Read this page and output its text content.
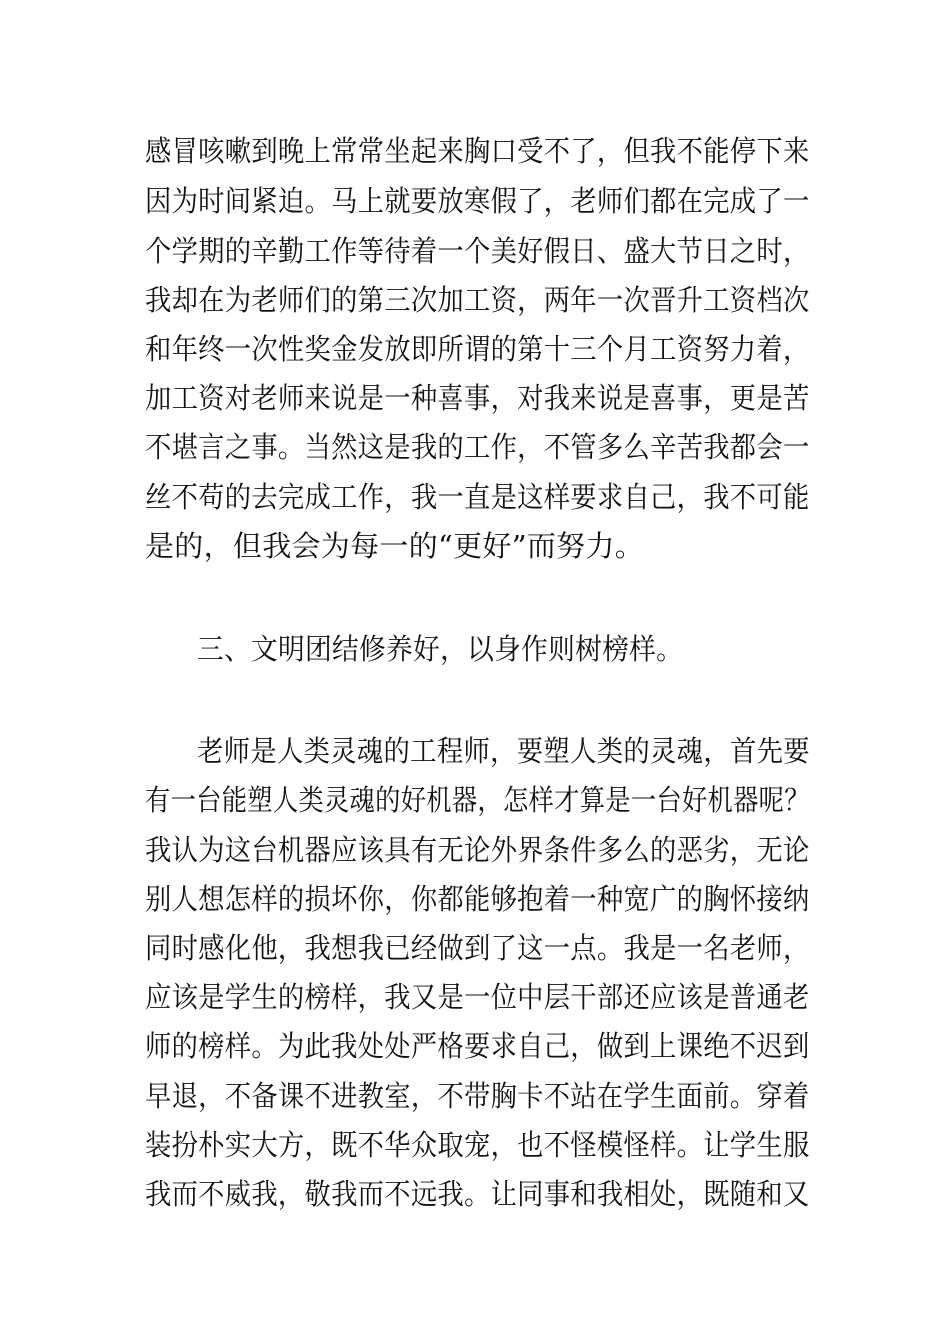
感冒咳嗽到晚上常常坐起来胸口受不了，但我不能停下来
因为时间紧迫。马上就要放寒假了，老师们都在完成了一
个学期的辛勤工作等待着一个美好假日、盛大节日之时，
我却在为老师们的第三次加工资，两年一次晋升工资档次
和年终一次性奖金发放即所谓的第十三个月工资努力着，
加工资对老师来说是一种喜事，对我来说是喜事，更是苦
不堪言之事。当然这是我的工作，不管多么辛苦我都会一
丝不苟的去完成工作，我一直是这样要求自己，我不可能
是的，但我会为每一的“更好”而努力。
三、文明团结修养好，以身作则树榜样。
老师是人类灵魂的工程师，要塑人类的灵魂，首先要
有一台能塑人类灵魂的好机器，怎样才算是一台好机器呢？
我认为这台机器应该具有无论外界条件多么的恶劣，无论
别人想怎样的损坏你，你都能够抱着一种宽广的胸怀接纳
同时感化他，我想我已经做到了这一点。我是一名老师，
应该是学生的榜样，我又是一位中层干部还应该是普通老
师的榜样。为此我处处严格要求自己，做到上课绝不迟到
早退，不备课不进教室，不带胸卡不站在学生面前。穿着
装扮朴实大方，既不华众取宠，也不怪模怪样。让学生服
我而不威我，敬我而不远我。让同事和我相处，既随和又
